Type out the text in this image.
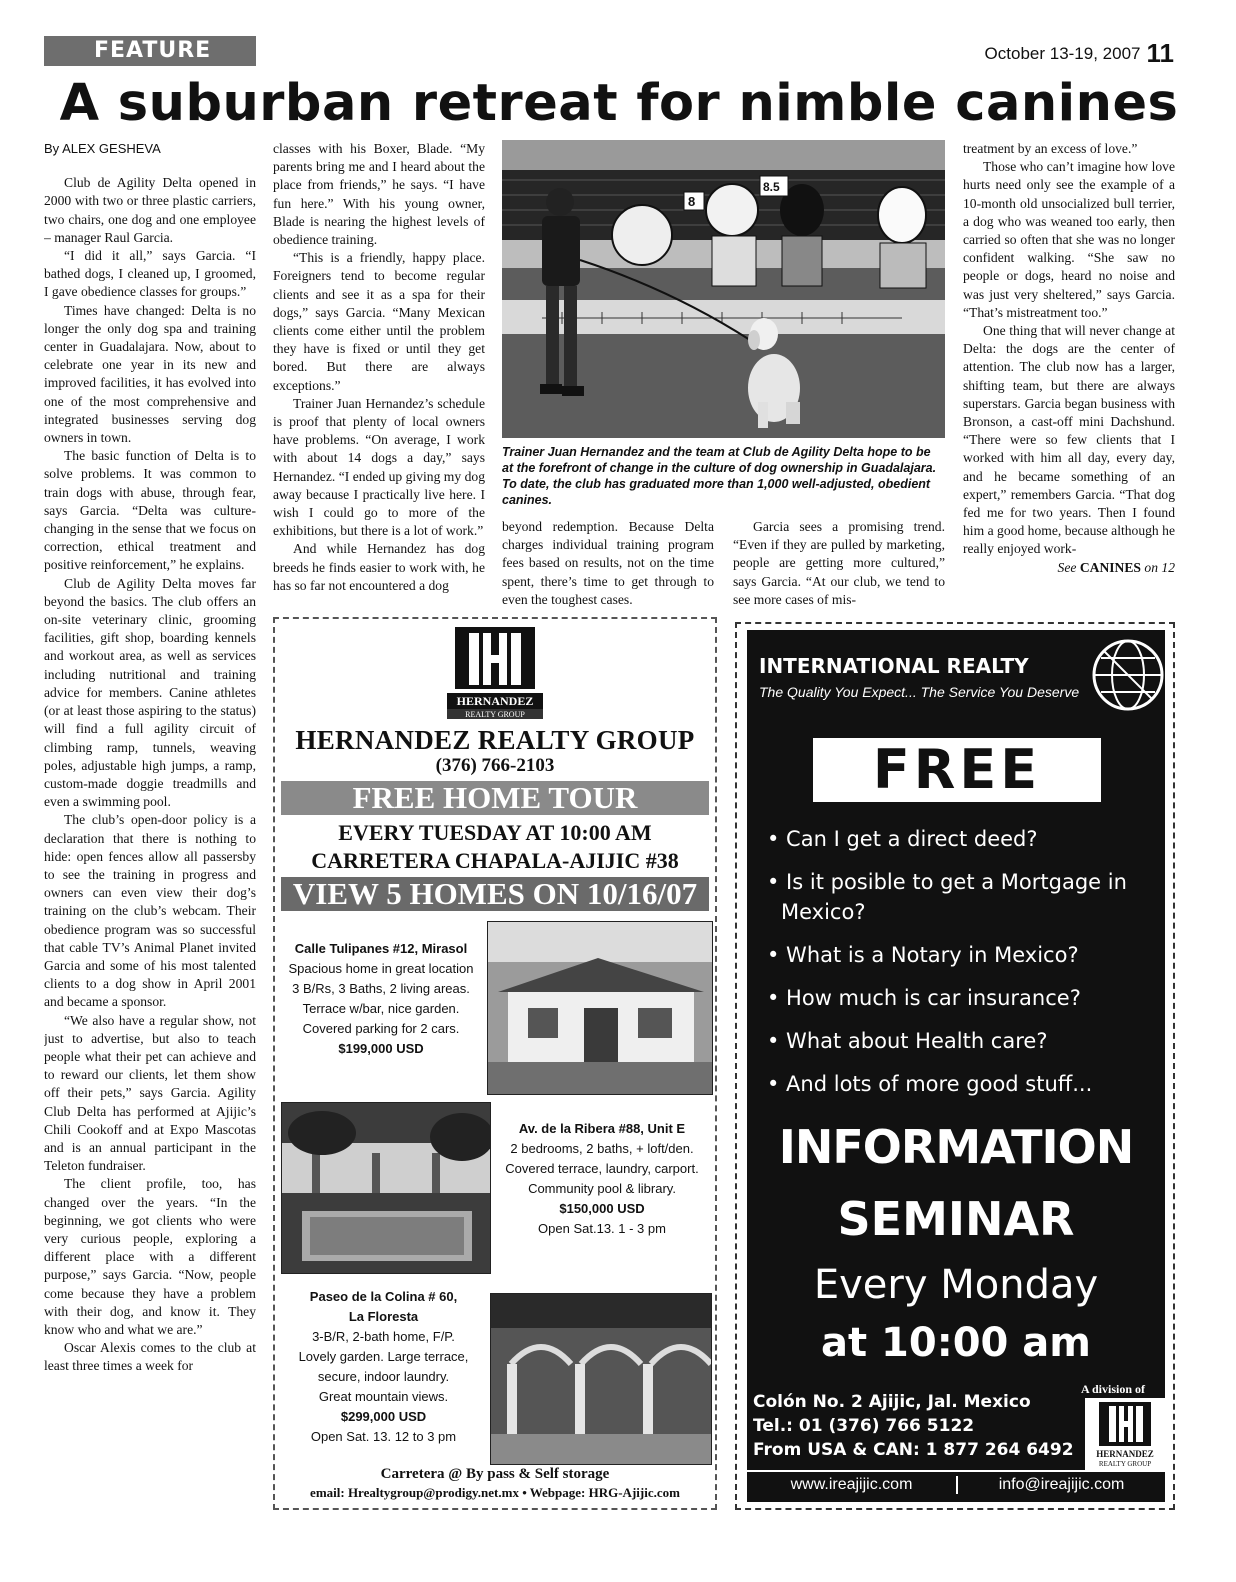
FEATURE	October 13-19, 2007 11
A suburban retreat for nimble canines

By ALEX GESHEVA

Club de Agility Delta opened in 2000 with two or three plastic carriers, two chairs, one dog and one employee – manager Raul Garcia.

“I did it all,” says Garcia. “I bathed dogs, I cleaned up, I groomed, I gave obedience classes for groups.”

Times have changed: Delta is no longer the only dog spa and training center in Guadalajara. Now, about to celebrate one year in its new and improved facilities, it has evolved into one of the most comprehensive and integrated businesses serving dog owners in town.

The basic function of Delta is to solve problems. It was common to train dogs with abuse, through fear, says Garcia. “Delta was culture-changing in the sense that we focus on correction, ethical treatment and positive reinforcement,” he explains.

Club de Agility Delta moves far beyond the basics. The club offers an on-site veterinary clinic, grooming facilities, gift shop, boarding kennels and workout area, as well as services including nutritional and training advice for members. Canine athletes (or at least those aspiring to the status) will find a full agility circuit of climbing ramp, tunnels, weaving poles, adjustable high jumps, a ramp, custom-made doggie treadmills and even a swimming pool.

The club’s open-door policy is a declaration that there is nothing to hide: open fences allow all passersby to see the training in progress and owners can even view their dog’s training on the club’s webcam. Their obedience program was so successful that cable TV’s Animal Planet invited Garcia and some of his most talented clients to a dog show in April 2001 and became a sponsor.

“We also have a regular show, not just to advertise, but also to teach people what their pet can achieve and to reward our clients, let them show off their pets,” says Garcia. Agility Club Delta has performed at Ajijic’s Chili Cookoff and at Expo Mascotas and is an annual participant in the Teleton fundraiser.

The client profile, too, has changed over the years. “In the beginning, we got clients who were very curious people, exploring a different place with a different purpose,” says Garcia. “Now, people come because they have a problem with their dog, and know it. They know who and what we are.”

Oscar Alexis comes to the club at least three times a week for

classes with his Boxer, Blade. “My parents bring me and I heard about the place from friends,” he says. “I have fun here.” With his young owner, Blade is nearing the highest levels of obedience training.

“This is a friendly, happy place. Foreigners tend to become regular clients and see it as a spa for their dogs,” says Garcia. “Many Mexican clients come either until the problem they have is fixed or until they get bored. But there are always exceptions.”

Trainer Juan Hernandez’s schedule is proof that plenty of local owners have problems. “On average, I work with about 14 dogs a day,” says Hernandez. “I ended up giving my dog away because I practically live here. I wish I could go to more of the exhibitions, but there is a lot of work.”

And while Hernandez has dog breeds he finds easier to work with, he has so far not encountered a dog

8
8.5
Trainer Juan Hernandez and the team at Club de Agility Delta hope to be at the forefront of change in the culture of dog ownership in Guadalajara. To date, the club has graduated more than 1,000 well-adjusted, obedient canines.

beyond redemption. Because Delta charges individual training program fees based on results, not on the time spent, there’s time to get through to even the toughest cases.

Garcia sees a promising trend. “Even if they are pulled by marketing, people are getting more cultured,” says Garcia. “At our club, we tend to see more cases of mis-

treatment by an excess of love.”

Those who can’t imagine how love hurts need only see the example of a 10-month old unsocialized bull terrier, a dog who was weaned too early, then carried so often that she was no longer confident walking. “She saw no people or dogs, heard no noise and was just very sheltered,” says Garcia. “That’s mistreatment too.”

One thing that will never change at Delta: the dogs are the center of attention. The club now has a larger, shifting team, but there are always superstars. Garcia began business with Bronson, a cast-off mini Dachshund. “There were so few clients that I worked with him all day, every day, and he became something of an expert,” remembers Garcia. “That dog fed me for two years. Then I found him a good home, because although he really enjoyed work-

See CANINES on 12

HERNANDEZ
REALTY GROUP
HERNANDEZ REALTY GROUP
(376) 766-2103
FREE HOME TOUR
EVERY TUESDAY AT 10:00 AM
CARRETERA CHAPALA-AJIJIC #38
VIEW 5 HOMES ON 10/16/07
Calle Tulipanes #12, Mirasol
Spacious home in great location
3 B/Rs, 3 Baths, 2 living areas.
Terrace w/bar, nice garden.
Covered parking for 2 cars.
$199,000 USD
Av. de la Ribera #88, Unit E
2 bedrooms, 2 baths, + loft/den.
Covered terrace, laundry, carport.
Community pool & library.
$150,000 USD
Open Sat.13. 1 - 3 pm
Paseo de la Colina # 60,
La Floresta
3-B/R, 2-bath home, F/P.
Lovely garden. Large terrace,
secure, indoor laundry.
Great mountain views.
$299,000 USD
Open Sat. 13. 12 to 3 pm
Carretera @ By pass & Self storage
email: Hrealtygroup@prodigy.net.mx • Webpage: HRG-Ajijic.com
INTERNATIONAL REALTY
The Quality You Expect... The Service You Deserve
FREE
• Can I get a direct deed?
• Is it posible to get a Mortgage in Mexico?
• What is a Notary in Mexico?
• How much is car insurance?
• What about Health care?
• And lots of more good stuff...
INFORMATION
SEMINAR
Every Monday
at 10:00 am
A division of
HERNANDEZ
REALTY GROUP
Colón No. 2 Ajijic, Jal. Mexico
Tel.: 01 (376) 766 5122
From USA & CAN: 1 877 264 6492
www.ireajijic.com	info@ireajijic.com
